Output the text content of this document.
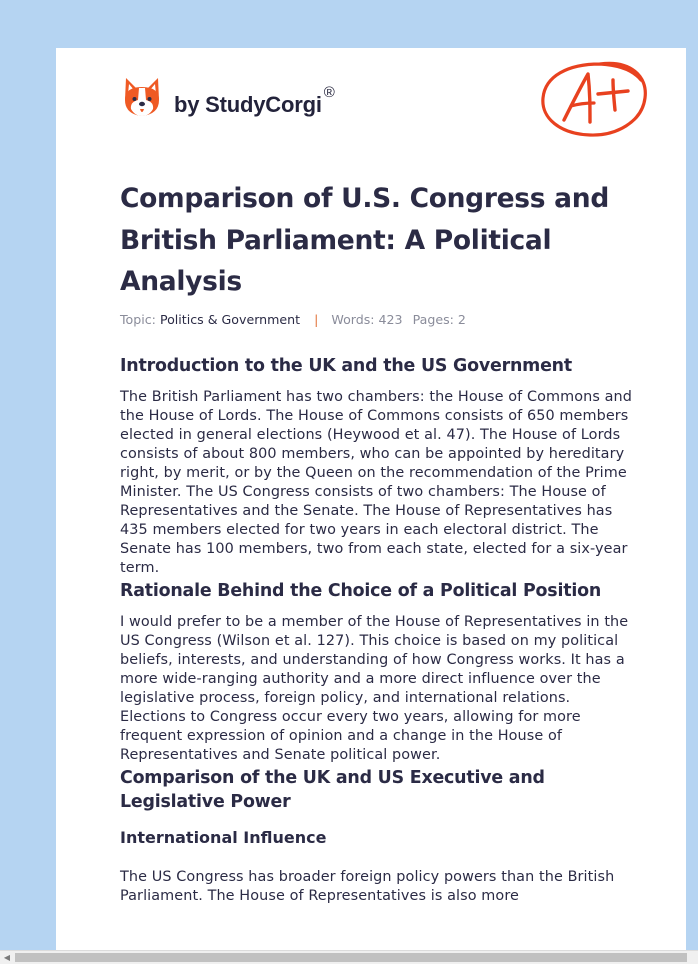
by StudyCorgi ®
Comparison of U.S. Congress and British Parliament: A Political Analysis
Topic: Politics & Government | Words: 423 Pages: 2
Introduction to the UK and the US Government

The British Parliament has two chambers: the House of Commons and the House of Lords. The House of Commons consists of 650 members elected in general elections (Heywood et al. 47). The House of Lords consists of about 800 members, who can be appointed by hereditary right, by merit, or by the Queen on the recommendation of the Prime Minister. The US Congress consists of two chambers: The House of Representatives and the Senate. The House of Representatives has 435 members elected for two years in each electoral district. The Senate has 100 members, two from each state, elected for a six-year term.

Rationale Behind the Choice of a Political Position

I would prefer to be a member of the House of Representatives in the US Congress (Wilson et al. 127). This choice is based on my political beliefs, interests, and understanding of how Congress works. It has a more wide-ranging authority and a more direct influence over the legislative process, foreign policy, and international relations. Elections to Congress occur every two years, allowing for more frequent expression of opinion and a change in the House of Representatives and Senate political power.

Comparison of the UK and US Executive and Legislative Power
International Influence

The US Congress has broader foreign policy powers than the British Parliament. The House of Representatives is also more

◀
